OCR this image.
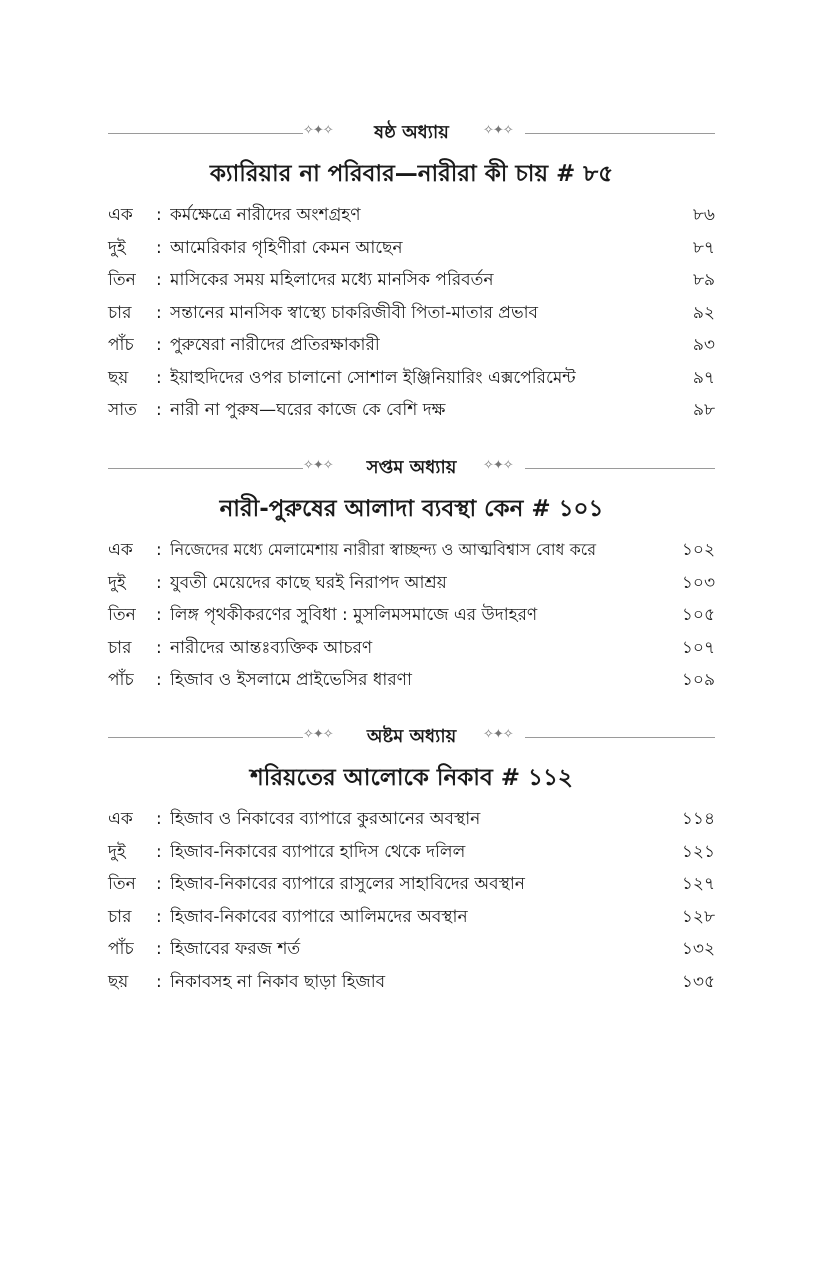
✧✦✧	ষষ্ঠ অধ্যায়	✧✦✧
ক্যারিয়ার না পরিবার—নারীরা কী চায় # ৮৫
এক	: কর্মক্ষেত্রে নারীদের অংশগ্রহণ	৮৬
দুই	: আমেরিকার গৃহিণীরা কেমন আছেন	৮৭
তিন	: মাসিকের সময় মহিলাদের মধ্যে মানসিক পরিবর্তন	৮৯
চার	: সন্তানের মানসিক স্বাস্থ্যে চাকরিজীবী পিতা-মাতার প্রভাব	৯২
পাঁচ	: পুরুষেরা নারীদের প্রতিরক্ষাকারী	৯৩
ছয়	: ইয়াহুদিদের ওপর চালানো সোশাল ইঞ্জিনিয়ারিং এক্সপেরিমেন্ট	৯৭
সাত	: নারী না পুরুষ—ঘরের কাজে কে বেশি দক্ষ	৯৮
✧✦✧	সপ্তম অধ্যায়	✧✦✧
নারী-পুরুষের আলাদা ব্যবস্থা কেন # ১০১
এক	: নিজেদের মধ্যে মেলামেশায় নারীরা স্বাচ্ছন্দ্য ও আত্মবিশ্বাস বোধ করে	১০২
দুই	: যুবতী মেয়েদের কাছে ঘরই নিরাপদ আশ্রয়	১০৩
তিন	: লিঙ্গ পৃথকীকরণের সুবিধা : মুসলিমসমাজে এর উদাহরণ	১০৫
চার	: নারীদের আন্তঃব্যক্তিক আচরণ	১০৭
পাঁচ	: হিজাব ও ইসলামে প্রাইভেসির ধারণা	১০৯
✧✦✧	অষ্টম অধ্যায়	✧✦✧
শরিয়তের আলোকে নিকাব # ১১২
এক	: হিজাব ও নিকাবের ব্যাপারে কুরআনের অবস্থান	১১৪
দুই	: হিজাব-নিকাবের ব্যাপারে হাদিস থেকে দলিল	১২১
তিন	: হিজাব-নিকাবের ব্যাপারে রাসুলের সাহাবিদের অবস্থান	১২৭
চার	: হিজাব-নিকাবের ব্যাপারে আলিমদের অবস্থান	১২৮
পাঁচ	: হিজাবের ফরজ শর্ত	১৩২
ছয়	: নিকাবসহ না নিকাব ছাড়া হিজাব	১৩৫
